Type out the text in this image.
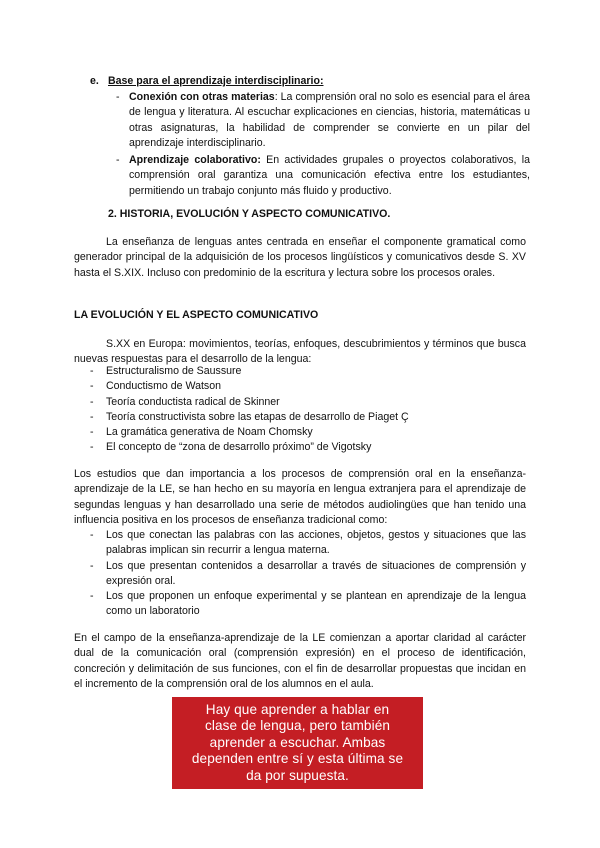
e. Base para el aprendizaje interdisciplinario:
- Conexión con otras materias: La comprensión oral no solo es esencial para el área de lengua y literatura. Al escuchar explicaciones en ciencias, historia, matemáticas u otras asignaturas, la habilidad de comprender se convierte en un pilar del aprendizaje interdisciplinario.
- Aprendizaje colaborativo: En actividades grupales o proyectos colaborativos, la comprensión oral garantiza una comunicación efectiva entre los estudiantes, permitiendo un trabajo conjunto más fluido y productivo.
2. HISTORIA, EVOLUCIÓN Y ASPECTO COMUNICATIVO.

La enseñanza de lenguas antes centrada en enseñar el componente gramatical como generador principal de la adquisición de los procesos lingüísticos y comunicativos desde S. XV hasta el S.XIX. Incluso con predominio de la escritura y lectura sobre los procesos orales.

LA EVOLUCIÓN Y EL ASPECTO COMUNICATIVO

S.XX en Europa: movimientos, teorías, enfoques, descubrimientos y términos que busca nuevas respuestas para el desarrollo de la lengua:

- Estructuralismo de Saussure
- Conductismo de Watson
- Teoría conductista radical de Skinner
- Teoría constructivista sobre las etapas de desarrollo de Piaget Ç
- La gramática generativa de Noam Chomsky
- El concepto de “zona de desarrollo próximo” de Vigotsky

Los estudios que dan importancia a los procesos de comprensión oral en la enseñanza-aprendizaje de la LE, se han hecho en su mayoría en lengua extranjera para el aprendizaje de segundas lenguas y han desarrollado una serie de métodos audiolingües que han tenido una influencia positiva en los procesos de enseñanza tradicional como:

- Los que conectan las palabras con las acciones, objetos, gestos y situaciones que las palabras implican sin recurrir a lengua materna.
- Los que presentan contenidos a desarrollar a través de situaciones de comprensión y expresión oral.
- Los que proponen un enfoque experimental y se plantean en aprendizaje de la lengua como un laboratorio

En el campo de la enseñanza-aprendizaje de la LE comienzan a aportar claridad al carácter dual de la comunicación oral (comprensión expresión) en el proceso de identificación, concreción y delimitación de sus funciones, con el fin de desarrollar propuestas que incidan en el incremento de la comprensión oral de los alumnos en el aula.

Hay que aprender a hablar en
clase de lengua, pero también
aprender a escuchar. Ambas
dependen entre sí y esta última se
da por supuesta.
